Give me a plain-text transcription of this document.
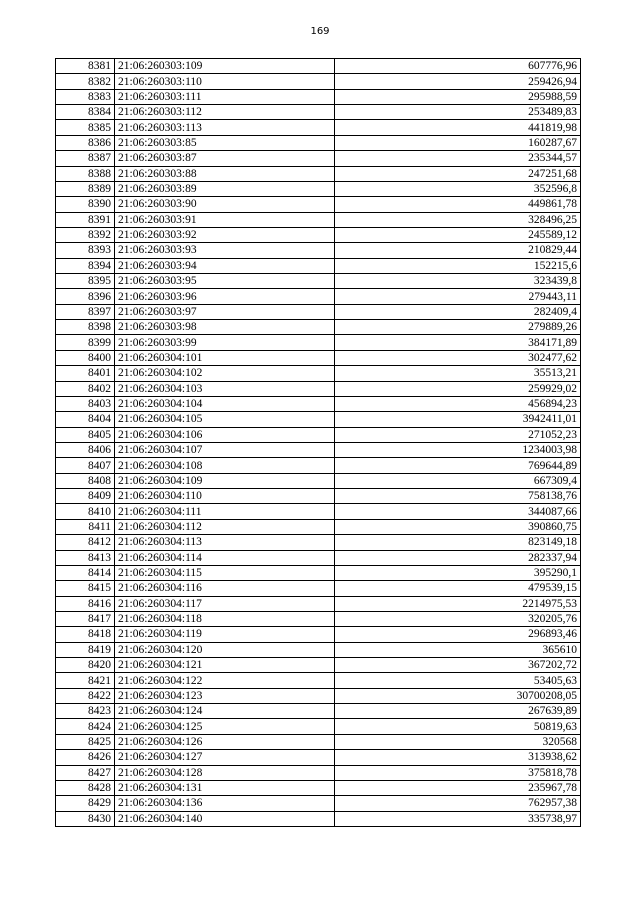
169
8381	21:06:260303:109	607776,96
8382	21:06:260303:110	259426,94
8383	21:06:260303:111	295988,59
8384	21:06:260303:112	253489,83
8385	21:06:260303:113	441819,98
8386	21:06:260303:85	160287,67
8387	21:06:260303:87	235344,57
8388	21:06:260303:88	247251,68
8389	21:06:260303:89	352596,8
8390	21:06:260303:90	449861,78
8391	21:06:260303:91	328496,25
8392	21:06:260303:92	245589,12
8393	21:06:260303:93	210829,44
8394	21:06:260303:94	152215,6
8395	21:06:260303:95	323439,8
8396	21:06:260303:96	279443,11
8397	21:06:260303:97	282409,4
8398	21:06:260303:98	279889,26
8399	21:06:260303:99	384171,89
8400	21:06:260304:101	302477,62
8401	21:06:260304:102	35513,21
8402	21:06:260304:103	259929,02
8403	21:06:260304:104	456894,23
8404	21:06:260304:105	3942411,01
8405	21:06:260304:106	271052,23
8406	21:06:260304:107	1234003,98
8407	21:06:260304:108	769644,89
8408	21:06:260304:109	667309,4
8409	21:06:260304:110	758138,76
8410	21:06:260304:111	344087,66
8411	21:06:260304:112	390860,75
8412	21:06:260304:113	823149,18
8413	21:06:260304:114	282337,94
8414	21:06:260304:115	395290,1
8415	21:06:260304:116	479539,15
8416	21:06:260304:117	2214975,53
8417	21:06:260304:118	320205,76
8418	21:06:260304:119	296893,46
8419	21:06:260304:120	365610
8420	21:06:260304:121	367202,72
8421	21:06:260304:122	53405,63
8422	21:06:260304:123	30700208,05
8423	21:06:260304:124	267639,89
8424	21:06:260304:125	50819,63
8425	21:06:260304:126	320568
8426	21:06:260304:127	313938,62
8427	21:06:260304:128	375818,78
8428	21:06:260304:131	235967,78
8429	21:06:260304:136	762957,38
8430	21:06:260304:140	335738,97
